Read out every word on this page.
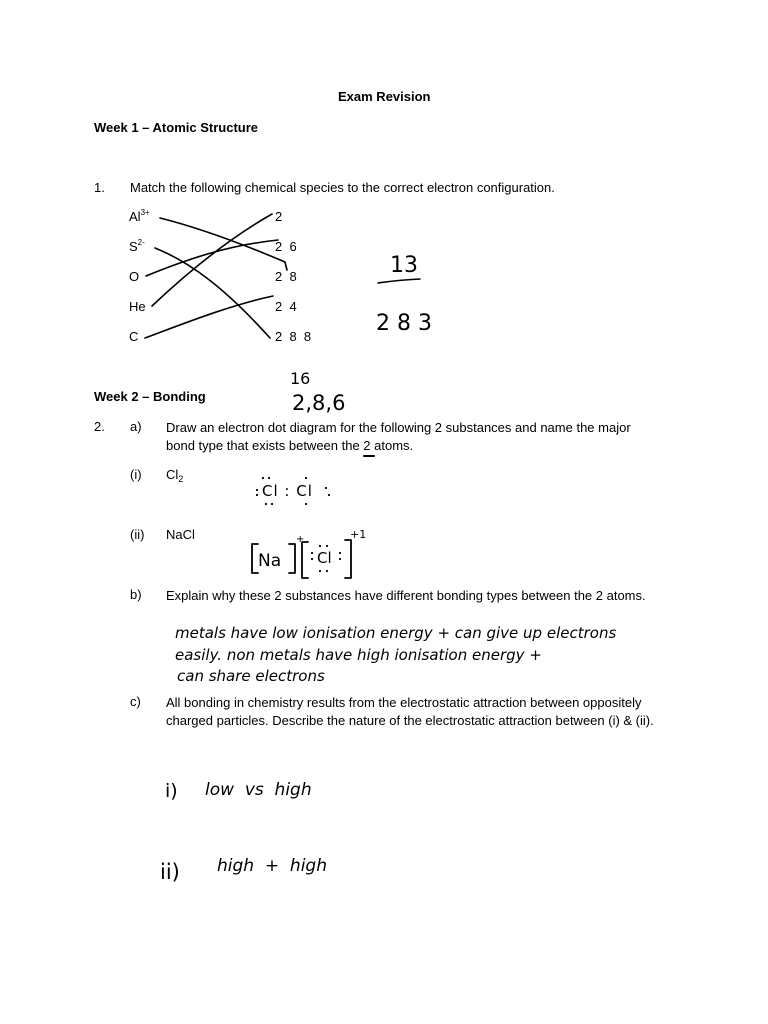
Exam Revision
Week 1 – Atomic Structure
1. Match the following chemical species to the correct electron configuration.
$Al^{3+}$
$S^{2-}$
O
He
C
2
2  6
2  8
2  4
2  8  8
Week 2 – Bonding
2. a) Draw an electron dot diagram for the following 2 substances and name the major bond type that exists between the 2 atoms.
(i) $Cl_2$
(ii) NaCl
b) Explain why these 2 substances have different bonding types between the 2 atoms.
c) All bonding in chemistry results from the electrostatic attraction between oppositely charged particles. Describe the nature of the electrostatic attraction between (i) & (ii).
13
2 8 3
16
2,8,6
Cl : Cl
Na
+
Cl
+1
metals have low ionisation energy + can give up electrons
easily. non metals have high ionisation energy +
can share electrons
i) low  vs  high
ii) high  +  high
